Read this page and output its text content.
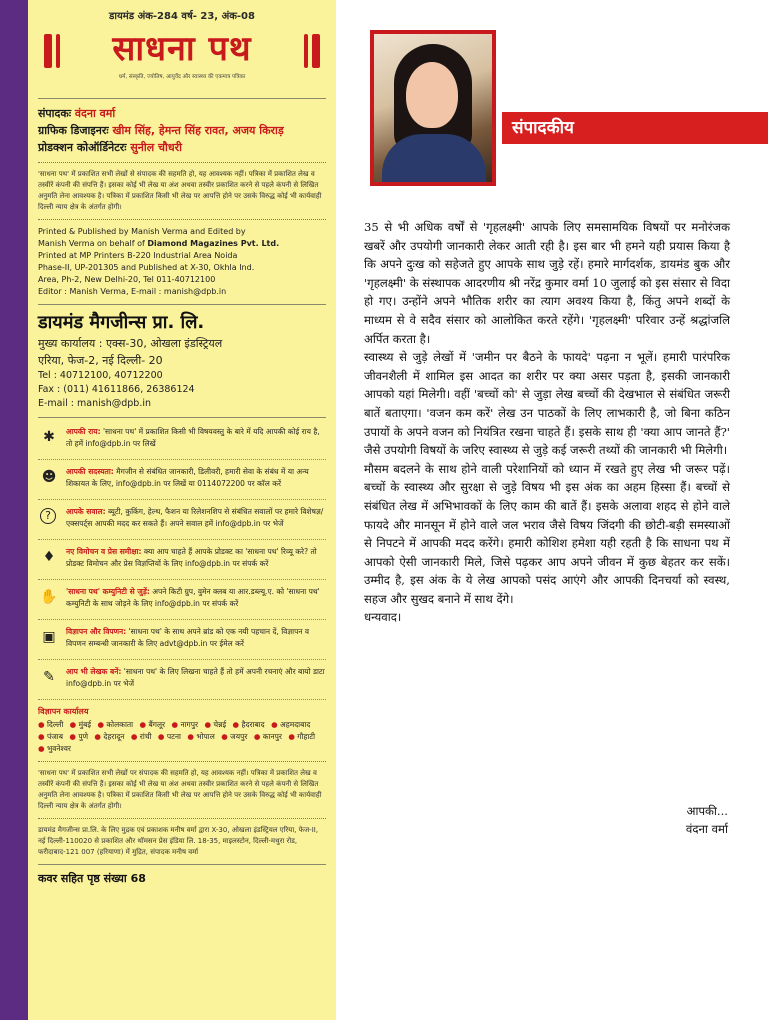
डायमंड अंक-284 वर्ष- 23, अंक-08
साधना पथ
धर्म, संस्कृति, ज्योतिष, आयुर्वेद और स्वास्थ्य की एकमात्र पत्रिका
संपादकः वंदना वर्मा
ग्राफिक डिजाइनरः खीम सिंह, हेमन्त सिंह रावत, अजय किराड़
प्रोडक्शन कोऑर्डिनेटरः सुनील चौधरी
'साधना पथ' में प्रकाशित सभी लेखों से संपादक की सहमति हो, यह आवश्यक नहीं। पत्रिका में प्रकाशित लेख व तस्वीरें कंपनी की संपत्ति हैं। इसका कोई भी लेख या अंश अथवा तस्वीर प्रकाशित करने से पहले कंपनी से लिखित अनुमति लेना आवश्यक है। पत्रिका में प्रकाशित किसी भी लेख पर आपत्ति होने पर उसके विरुद्ध कोई भी कार्यवाही दिल्ली न्याय क्षेत्र के अंतर्गत होगी।
Printed & Published by Manish Verma and Edited by
Manish Verma on behalf of Diamond Magazines Pvt. Ltd.
Printed at MP Printers B-220 Industrial Area Noida
Phase-II, UP-201305 and Published at X-30, Okhla Ind.
Area, Ph-2, New Delhi-20, Tel 011-40712100
Editor : Manish Verma, E-mail : manish@dpb.in
डायमंड मैगजीन्स प्रा. लि.
मुख्य कार्यालय : एक्स-30, ओखला इंडस्ट्रियल
एरिया, फेज-2, नई दिल्ली- 20
Tel : 40712100, 40712200
Fax : (011) 41611866, 26386124
E-mail : manish@dpb.in
✱	आपकी राय: 'साधना पथ' में प्रकाशित किसी भी विषयवस्तु के बारे में यदि आपकी कोई राय है, तो हमें info@dpb.in पर लिखें
☻ आपकी सदस्यता: मैगजीन से संबंधित जानकारी, डिलीवरी, हमारी सेवा के संबंध में या अन्य शिकायत के लिए, info@dpb.in पर लिखें या 0114072200 पर कॉल करें
?	आपके सवाल: ब्यूटी, कुकिंग, हेल्थ, फैशन या रिलेशनशिप से संबंधित सवालों पर हमारे विशेषज्ञ/एक्सपर्ट्स आपकी मदद कर सकते हैं। अपने सवाल हमें info@dpb.in पर भेजें
♦	नए विमोचन व प्रेस समीक्षा: क्या आप चाहते हैं आपके प्रोडक्ट का 'साधना पथ' रिव्यू करे? तो प्रोडक्ट विमोचन और प्रेस विज्ञप्तियों के लिए info@dpb.in पर संपर्क करें
✋ 'साधना पथ' कम्युनिटी से जुड़ें: अपने किटी ग्रुप, वुमेन क्लब या आर.डब्ल्यू.ए. को 'साधना पथ' कम्युनिटी के साथ जोड़ने के लिए info@dpb.in पर संपर्क करें
▣	विज्ञापन और विपणन: 'साधना पथ' के साथ अपने ब्रांड को एक नयी पहचान दें, विज्ञापन व विपणन सम्बन्धी जानकारी के लिए advt@dpb.in पर ईमेल करें
✎	आप भी लेखक बनें: 'साधना पथ' के लिए लिखना चाहते हैं तो हमें अपनी रचनाएं और बायो डाटा info@dpb.in पर भेजें
विज्ञापन कार्यालय
● दिल्ली ● मुंबई ● कोलकाता ● बैंगलूर ● नागपुर ● चेन्नई ● हैदराबाद ● अहमदाबाद ● पंजाब ● पुणे ● देहरादून ● रांची ● पटना ● भोपाल ● जयपुर ● कानपुर ● गौहाटी ● भुवनेश्वर
'साधना पथ' में प्रकाशित सभी लेखों पर संपादक की सहमति हो, यह आवश्यक नहीं। पत्रिका में प्रकाशित लेख व तस्वीरें कंपनी की संपत्ति हैं। इसका कोई भी लेख या अंश अथवा तस्वीर प्रकाशित करने से पहले कंपनी से लिखित अनुमति लेना आवश्यक है। पत्रिका में प्रकाशित किसी भी लेख पर आपत्ति होने पर उसके विरुद्ध कोई भी कार्यवाही दिल्ली न्याय क्षेत्र के अंतर्गत होगी।
डायमंड मैगजीन्स प्रा.लि. के लिए मुद्रक एवं प्रकाशक मनीष वर्मा द्वारा X-30, ओखला इंडस्ट्रियल एरिया, फेज-II, नई दिल्ली-110020 से प्रकाशित और थॉमसन प्रेस इंडिया लि. 18-35, माइलस्टोन, दिल्ली-मथुरा रोड, फरीदाबाद-121 007 (हरियाणा) में मुद्रित, संपादक मनीष वर्मा
कवर सहित पृष्ठ संख्या 68
संपादकीय

35 से भी अधिक वर्षों से 'गृहलक्ष्मी' आपके लिए समसामयिक विषयों पर मनोरंजक खबरें और उपयोगी जानकारी लेकर आती रही है। इस बार भी हमने यही प्रयास किया है कि अपने दुःख को सहेजते हुए आपके साथ जुड़े रहें। हमारे मार्गदर्शक, डायमंड बुक और 'गृहलक्ष्मी' के संस्थापक आदरणीय श्री नरेंद्र कुमार वर्मा 10 जुलाई को इस संसार से विदा हो गए। उन्होंने अपने भौतिक शरीर का त्याग अवश्य किया है, किंतु अपने शब्दों के माध्यम से वे सदैव संसार को आलोकित करते रहेंगे। 'गृहलक्ष्मी' परिवार उन्हें श्रद्धांजलि अर्पित करता है।

स्वास्थ्य से जुड़े लेखों में 'जमीन पर बैठने के फायदे' पढ़ना न भूलें। हमारी पारंपरिक जीवनशैली में शामिल इस आदत का शरीर पर क्या असर पड़ता है, इसकी जानकारी आपको यहां मिलेगी। वहीं 'बच्चों को' से जुड़ा लेख बच्चों की देखभाल से संबंधित जरूरी बातें बताएगा। 'वजन कम करें' लेख उन पाठकों के लिए लाभकारी है, जो बिना कठिन उपायों के अपने वजन को नियंत्रित रखना चाहते हैं। इसके साथ ही 'क्या आप जानते हैं?' जैसे उपयोगी विषयों के जरिए स्वास्थ्य से जुड़े कई जरूरी तथ्यों की जानकारी भी मिलेगी।

मौसम बदलने के साथ होने वाली परेशानियों को ध्यान में रखते हुए लेख भी जरूर पढ़ें। बच्चों के स्वास्थ्य और सुरक्षा से जुड़े विषय भी इस अंक का अहम हिस्सा हैं। बच्चों से संबंधित लेख में अभिभावकों के लिए काम की बातें हैं। इसके अलावा शहद से होने वाले फायदे और मानसून में होने वाले जल भराव जैसे विषय जिंदगी की छोटी-बड़ी समस्याओं से निपटने में आपकी मदद करेंगे। हमारी कोशिश हमेशा यही रहती है कि साधना पथ में आपको ऐसी जानकारी मिले, जिसे पढ़कर आप अपने जीवन में कुछ बेहतर कर सकें। उम्मीद है, इस अंक के ये लेख आपको पसंद आएंगे और आपकी दिनचर्या को स्वस्थ, सहज और सुखद बनाने में साथ देंगे।

धन्यवाद।

आपकी...
वंदना वर्मा
